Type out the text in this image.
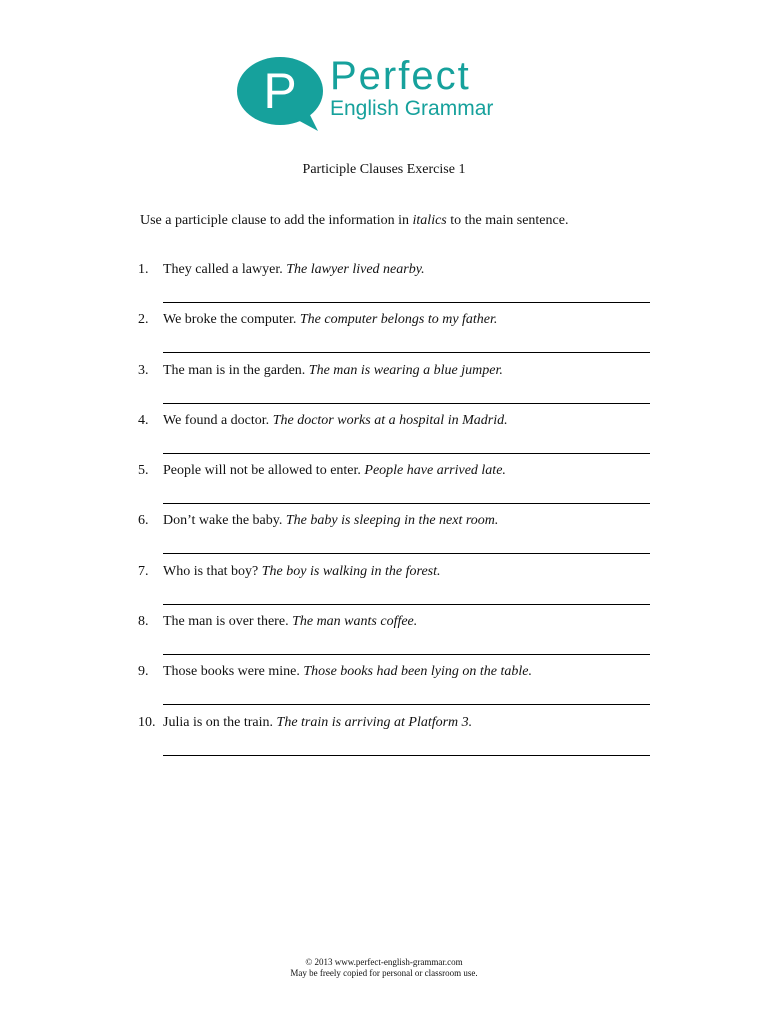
P Perfect
English Grammar
Participle Clauses Exercise 1
Use a participle clause to add the information in italics to the main sentence.
1. They called a lawyer. The lawyer lived nearby.
2. We broke the computer. The computer belongs to my father.
3. The man is in the garden. The man is wearing a blue jumper.
4. We found a doctor. The doctor works at a hospital in Madrid.
5. People will not be allowed to enter. People have arrived late.
6. Don’t wake the baby. The baby is sleeping in the next room.
7. Who is that boy? The boy is walking in the forest.
8. The man is over there. The man wants coffee.
9. Those books were mine. Those books had been lying on the table.
10. Julia is on the train. The train is arriving at Platform 3.
© 2013 www.perfect-english-grammar.com
May be freely copied for personal or classroom use.
